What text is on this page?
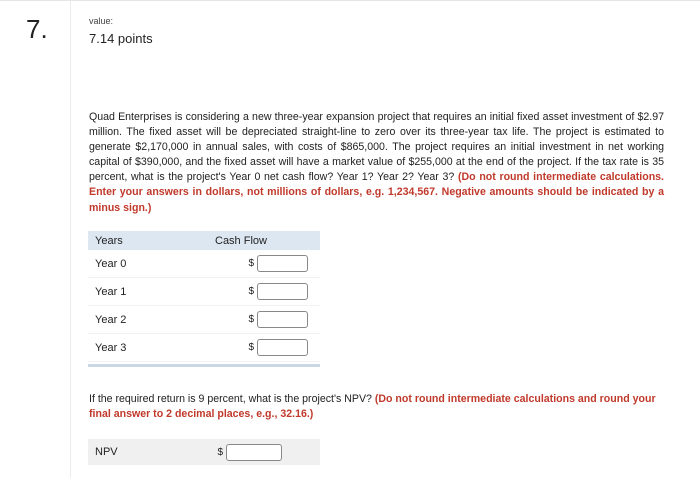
7.	value:
7.14 points
Quad Enterprises is considering a new three-year expansion project that requires an initial fixed asset investment of $2.97 million. The fixed asset will be depreciated straight-line to zero over its three-year tax life. The project is estimated to generate $2,170,000 in annual sales, with costs of $865,000. The project requires an initial investment in net working capital of $390,000, and the fixed asset will have a market value of $255,000 at the end of the project. If the tax rate is 35 percent, what is the project's Year 0 net cash flow? Year 1? Year 2? Year 3? (Do not round intermediate calculations. Enter your answers in dollars, not millions of dollars, e.g. 1,234,567. Negative amounts should be indicated by a minus sign.)
Years	Cash Flow
Year 0	$
Year 1	$
Year 2	$
Year 3	$
If the required return is 9 percent, what is the project's NPV? (Do not round intermediate calculations and round your final answer to 2 decimal places, e.g., 32.16.)
NPV	$
